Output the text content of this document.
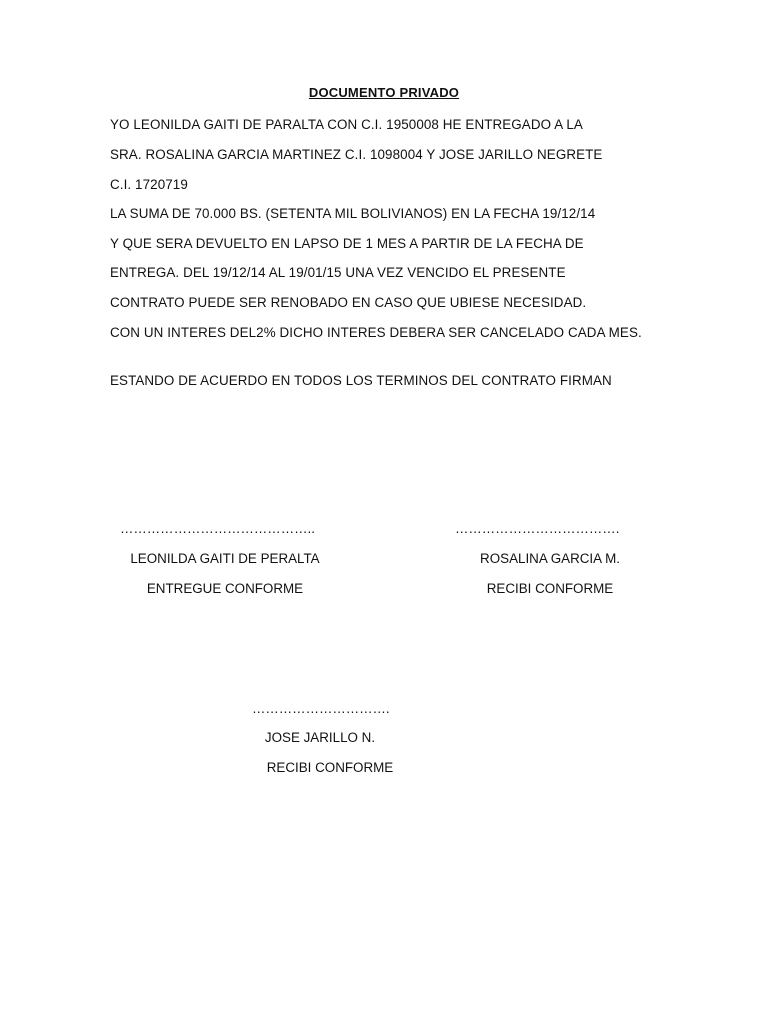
DOCUMENTO PRIVADO
YO LEONILDA GAITI DE PARALTA CON C.I. 1950008 HE ENTREGADO A LA
SRA. ROSALINA GARCIA MARTINEZ C.I. 1098004 Y JOSE JARILLO NEGRETE
C.I. 1720719
LA SUMA DE 70.000 BS. (SETENTA MIL BOLIVIANOS) EN LA FECHA 19/12/14
Y QUE SERA DEVUELTO EN LAPSO DE 1 MES A PARTIR DE LA FECHA DE
ENTREGA. DEL 19/12/14 AL 19/01/15 UNA VEZ VENCIDO EL PRESENTE
CONTRATO PUEDE SER RENOBADO EN CASO QUE UBIESE NECESIDAD.
CON UN INTERES DEL2% DICHO INTERES DEBERA SER CANCELADO CADA MES.
ESTANDO DE ACUERDO EN TODOS LOS TERMINOS DEL CONTRATO FIRMAN
……………………………………..
LEONILDA GAITI DE PERALTA
ENTREGUE CONFORME
……………………………….
ROSALINA GARCIA M.
RECIBI CONFORME
………………………….
JOSE JARILLO N.
RECIBI CONFORME
